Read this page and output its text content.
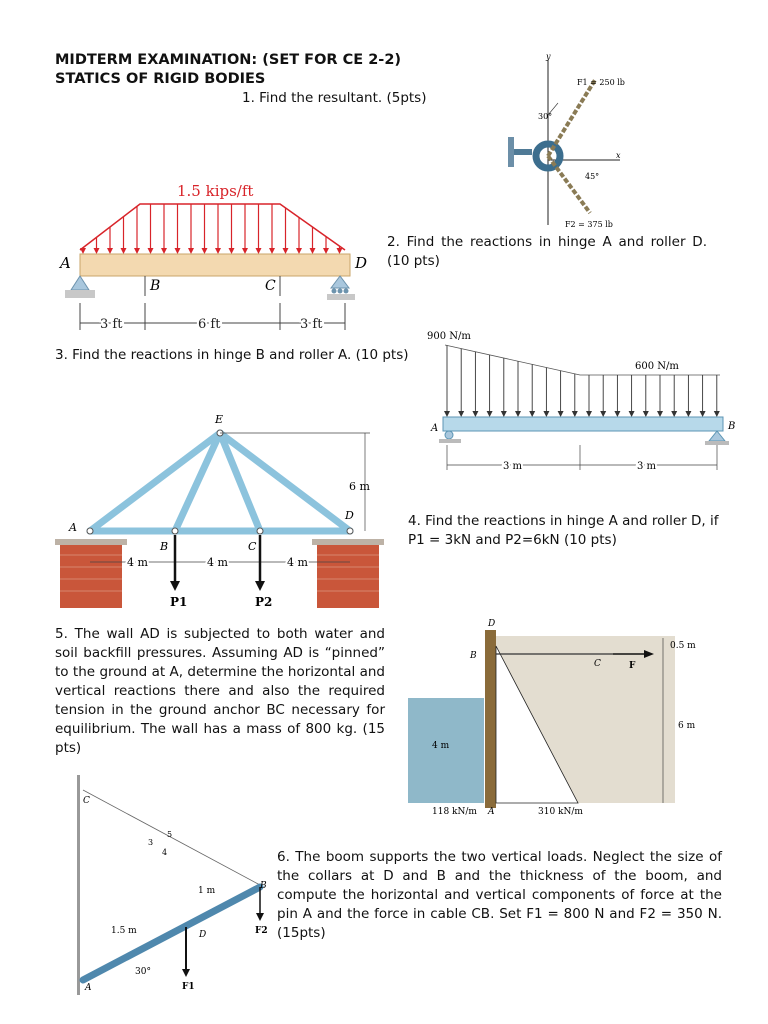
MIDTERM EXAMINATION: (SET FOR CE 2-2)
STATICS OF RIGID BODIES
1. Find the resultant. (5pts)
2. Find the reactions in hinge A and roller D. (10 pts)
3. Find the reactions in hinge B and roller A. (10 pts)
4. Find the reactions in hinge A and roller D, if P1 = 3kN and P2=6kN (10 pts)
5. The wall AD is subjected to both water and soil backfill pressures. Assuming AD is “pinned” to the ground at A, determine the horizontal and vertical reactions there and also the required tension in the ground anchor BC necessary for equilibrium. The wall has a mass of 800 kg. (15 pts)
6. The boom supports the two vertical loads. Neglect the size of the collars at D and B and the thickness of the boom, and compute the horizontal and vertical components of force at the pin A and the force in cable CB. Set F1 = 800 N and F2 = 350 N. (15pts)
y
x
30°
45°
F1 = 250 lb
F2 = 375 lb
1.5 kips/ft
A	D
B	C
3 ft	6 ft	3 ft
900 N/m
600 N/m
A	B
3 m	3 m
E
6 m
A
B	C
D
4 m	4 m	4 m
P1	P2
D
0.5 m
6 m
4 m
B
C	F
118 kN/m A	310 kN/m
C
A
B
D
3
5
4
1 m
1.5 m
30°
F1
F2
